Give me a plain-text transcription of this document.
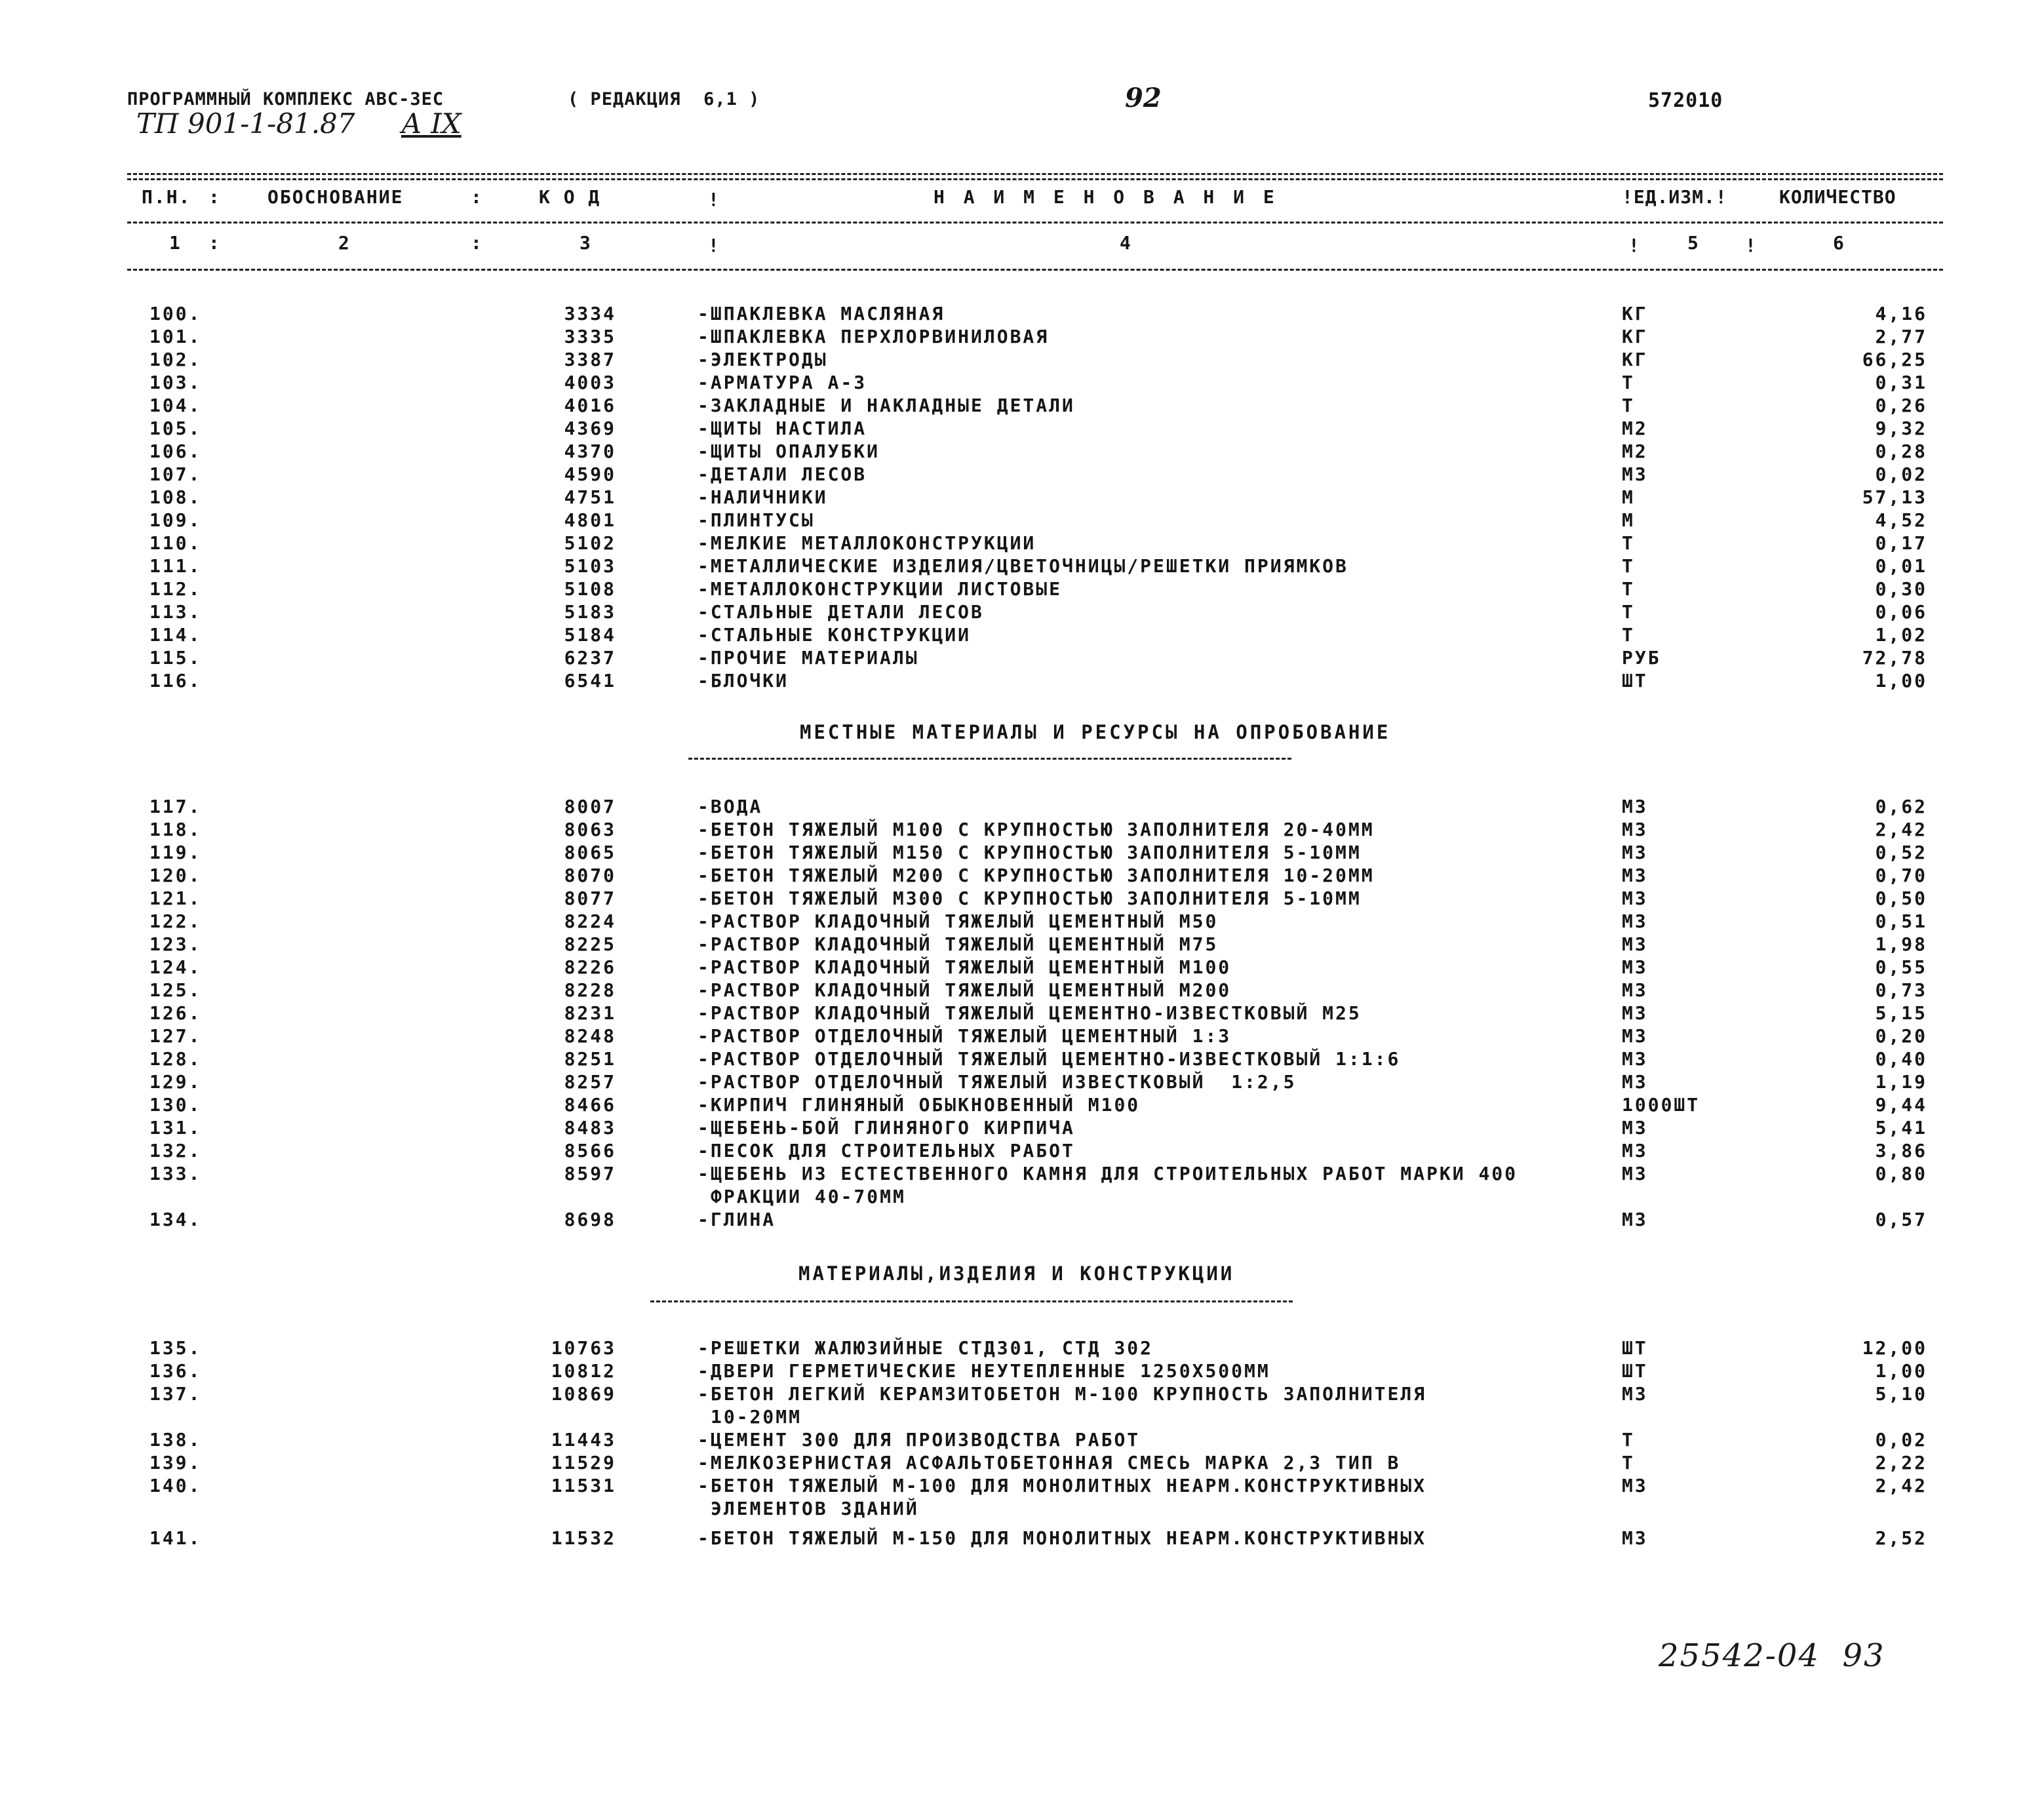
ПРОГРАММНЫЙ КОМПЛЕКС АВС-ЗЕС	( РЕДАКЦИЯ  6,1 )	92	572010
ТП 901-1-81.87 А IX
П.Н. :	ОБОСНОВАНИЕ	:	К О Д	!	Н А И М Е Н О В А Н И Е	!ЕД.ИЗМ.!	КОЛИЧЕСТВО
1 :	2	:	3	!	4	!	5 !	6
100.	3334	-ШПАКЛЕВКА МАСЛЯНАЯ	КГ	4,16
101.	3335	-ШПАКЛЕВКА ПЕРХЛОРВИНИЛОВАЯ	КГ	2,77
102.	3387	-ЭЛЕКТРОДЫ	КГ	66,25
103.	4003	-АРМАТУРА А-3	Т	0,31
104.	4016	-ЗАКЛАДНЫЕ И НАКЛАДНЫЕ ДЕТАЛИ	Т	0,26
105.	4369	-ЩИТЫ НАСТИЛА	М2	9,32
106.	4370	-ЩИТЫ ОПАЛУБКИ	М2	0,28
107.	4590	-ДЕТАЛИ ЛЕСОВ	М3	0,02
108.	4751	-НАЛИЧНИКИ	М	57,13
109.	4801	-ПЛИНТУСЫ	М	4,52
110.	5102	-МЕЛКИЕ МЕТАЛЛОКОНСТРУКЦИИ	Т	0,17
111.	5103	-МЕТАЛЛИЧЕСКИЕ ИЗДЕЛИЯ/ЦВЕТОЧНИЦЫ/РЕШЕТКИ ПРИЯМКОВ	Т	0,01
112.	5108	-МЕТАЛЛОКОНСТРУКЦИИ ЛИСТОВЫЕ	Т	0,30
113.	5183	-СТАЛЬНЫЕ ДЕТАЛИ ЛЕСОВ	Т	0,06
114.	5184	-СТАЛЬНЫЕ КОНСТРУКЦИИ	Т	1,02
115.	6237	-ПРОЧИЕ МАТЕРИАЛЫ	РУБ	72,78
116.	6541	-БЛОЧКИ	ШТ	1,00
МЕСТНЫЕ МАТЕРИАЛЫ И РЕСУРСЫ НА ОПРОБОВАНИЕ
117.	8007	-ВОДА	М3	0,62
118.	8063	-БЕТОН ТЯЖЕЛЫЙ М100 С КРУПНОСТЬЮ ЗАПОЛНИТЕЛЯ 20-40ММ	М3	2,42
119.	8065	-БЕТОН ТЯЖЕЛЫЙ М150 С КРУПНОСТЬЮ ЗАПОЛНИТЕЛЯ 5-10ММ	М3	0,52
120.	8070	-БЕТОН ТЯЖЕЛЫЙ М200 С КРУПНОСТЬЮ ЗАПОЛНИТЕЛЯ 10-20ММ	М3	0,70
121.	8077	-БЕТОН ТЯЖЕЛЫЙ М300 С КРУПНОСТЬЮ ЗАПОЛНИТЕЛЯ 5-10ММ	М3	0,50
122.	8224	-РАСТВОР КЛАДОЧНЫЙ ТЯЖЕЛЫЙ ЦЕМЕНТНЫЙ М50	М3	0,51
123.	8225	-РАСТВОР КЛАДОЧНЫЙ ТЯЖЕЛЫЙ ЦЕМЕНТНЫЙ М75	М3	1,98
124.	8226	-РАСТВОР КЛАДОЧНЫЙ ТЯЖЕЛЫЙ ЦЕМЕНТНЫЙ М100	М3	0,55
125.	8228	-РАСТВОР КЛАДОЧНЫЙ ТЯЖЕЛЫЙ ЦЕМЕНТНЫЙ М200	М3	0,73
126.	8231	-РАСТВОР КЛАДОЧНЫЙ ТЯЖЕЛЫЙ ЦЕМЕНТНО-ИЗВЕСТКОВЫЙ М25	М3	5,15
127.	8248	-РАСТВОР ОТДЕЛОЧНЫЙ ТЯЖЕЛЫЙ ЦЕМЕНТНЫЙ 1:3	М3	0,20
128.	8251	-РАСТВОР ОТДЕЛОЧНЫЙ ТЯЖЕЛЫЙ ЦЕМЕНТНО-ИЗВЕСТКОВЫЙ 1:1:6	М3	0,40
129.	8257	-РАСТВОР ОТДЕЛОЧНЫЙ ТЯЖЕЛЫЙ ИЗВЕСТКОВЫЙ  1:2,5	М3	1,19
130.	8466	-КИРПИЧ ГЛИНЯНЫЙ ОБЫКНОВЕННЫЙ М100	1000ШТ	9,44
131.	8483	-ЩЕБЕНЬ-БОЙ ГЛИНЯНОГО КИРПИЧА	М3	5,41
132.	8566	-ПЕСОК ДЛЯ СТРОИТЕЛЬНЫХ РАБОТ	М3	3,86
133.	8597	-ЩЕБЕНЬ ИЗ ЕСТЕСТВЕННОГО КАМНЯ ДЛЯ СТРОИТЕЛЬНЫХ РАБОТ МАРКИ 400	М3	0,80
ФРАКЦИИ 40-70ММ
134.	8698	-ГЛИНА	М3	0,57
МАТЕРИАЛЫ,ИЗДЕЛИЯ И КОНСТРУКЦИИ
135.	10763	-РЕШЕТКИ ЖАЛЮЗИЙНЫЕ СТД301, СТД 302	ШТ	12,00
136.	10812	-ДВЕРИ ГЕРМЕТИЧЕСКИЕ НЕУТЕПЛЕННЫЕ 1250Х500ММ	ШТ	1,00
137.	10869	-БЕТОН ЛЕГКИЙ КЕРАМЗИТОБЕТОН М-100 КРУПНОСТЬ ЗАПОЛНИТЕЛЯ	М3	5,10
10-20ММ
138.	11443	-ЦЕМЕНТ 300 ДЛЯ ПРОИЗВОДСТВА РАБОТ	Т	0,02
139.	11529	-МЕЛКОЗЕРНИСТАЯ АСФАЛЬТОБЕТОННАЯ СМЕСЬ МАРКА 2,3 ТИП В	Т	2,22
140.	11531	-БЕТОН ТЯЖЕЛЫЙ М-100 ДЛЯ МОНОЛИТНЫХ НЕАРМ.КОНСТРУКТИВНЫХ	М3	2,42
ЭЛЕМЕНТОВ ЗДАНИЙ
141.	11532	-БЕТОН ТЯЖЕЛЫЙ М-150 ДЛЯ МОНОЛИТНЫХ НЕАРМ.КОНСТРУКТИВНЫХ	М3	2,52
25542-04  93
